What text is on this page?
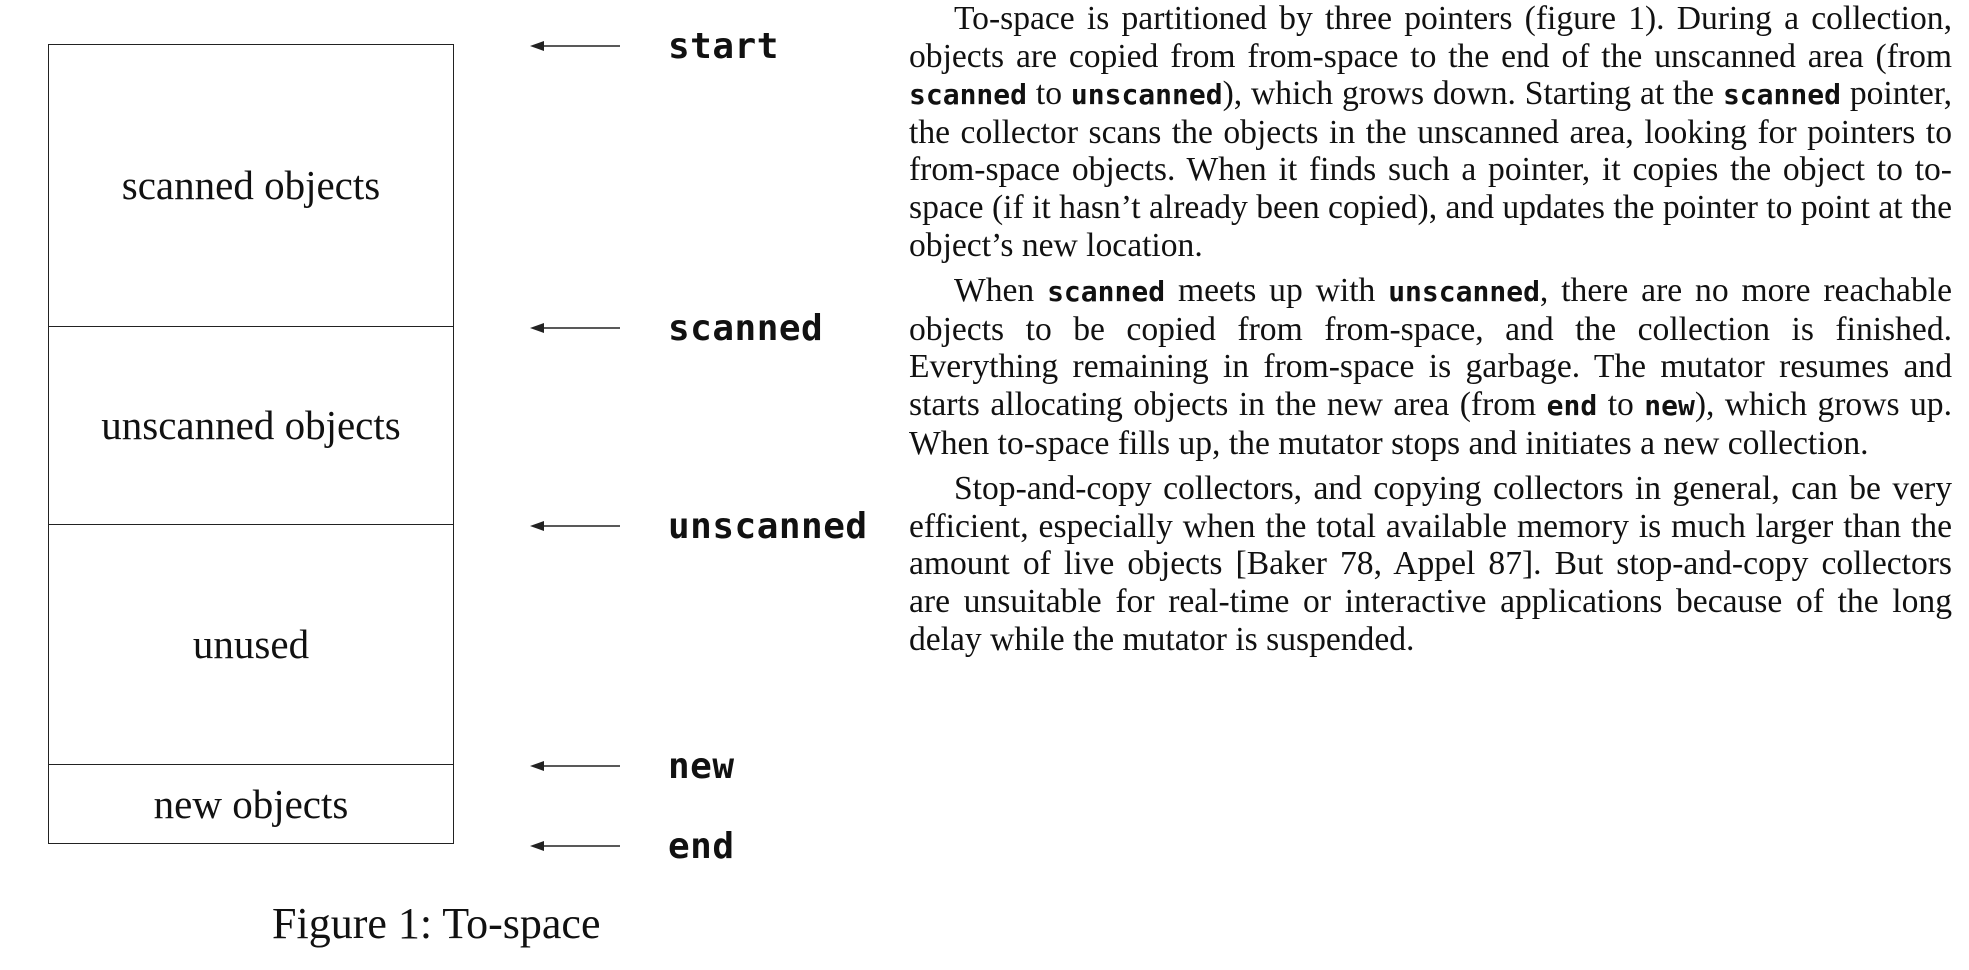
scanned objects
unscanned objects
unused
new objects
start
scanned
unscanned
new
end
Figure 1: To-space

To-space is partitioned by three pointers (figure 1). During a collection, objects are copied from from-space to the end of the unscanned area (from scanned to unscanned), which grows down. Starting at the scanned pointer, the collector scans the objects in the unscanned area, looking for pointers to from-space objects. When it finds such a pointer, it copies the object to to-space (if it hasn’t already been copied), and updates the pointer to point at the object’s new location.

When scanned meets up with unscanned, there are no more reachable objects to be copied from from-space, and the collection is finished. Everything remaining in from-space is garbage. The mutator resumes and starts allocating objects in the new area (from end to new), which grows up. When to-space fills up, the mutator stops and initiates a new collection.

Stop-and-copy collectors, and copying collectors in general, can be very efficient, especially when the total available memory is much larger than the amount of live objects [Baker 78, Appel 87]. But stop-and-copy collectors are unsuitable for real-time or interactive applications because of the long delay while the mutator is suspended.
